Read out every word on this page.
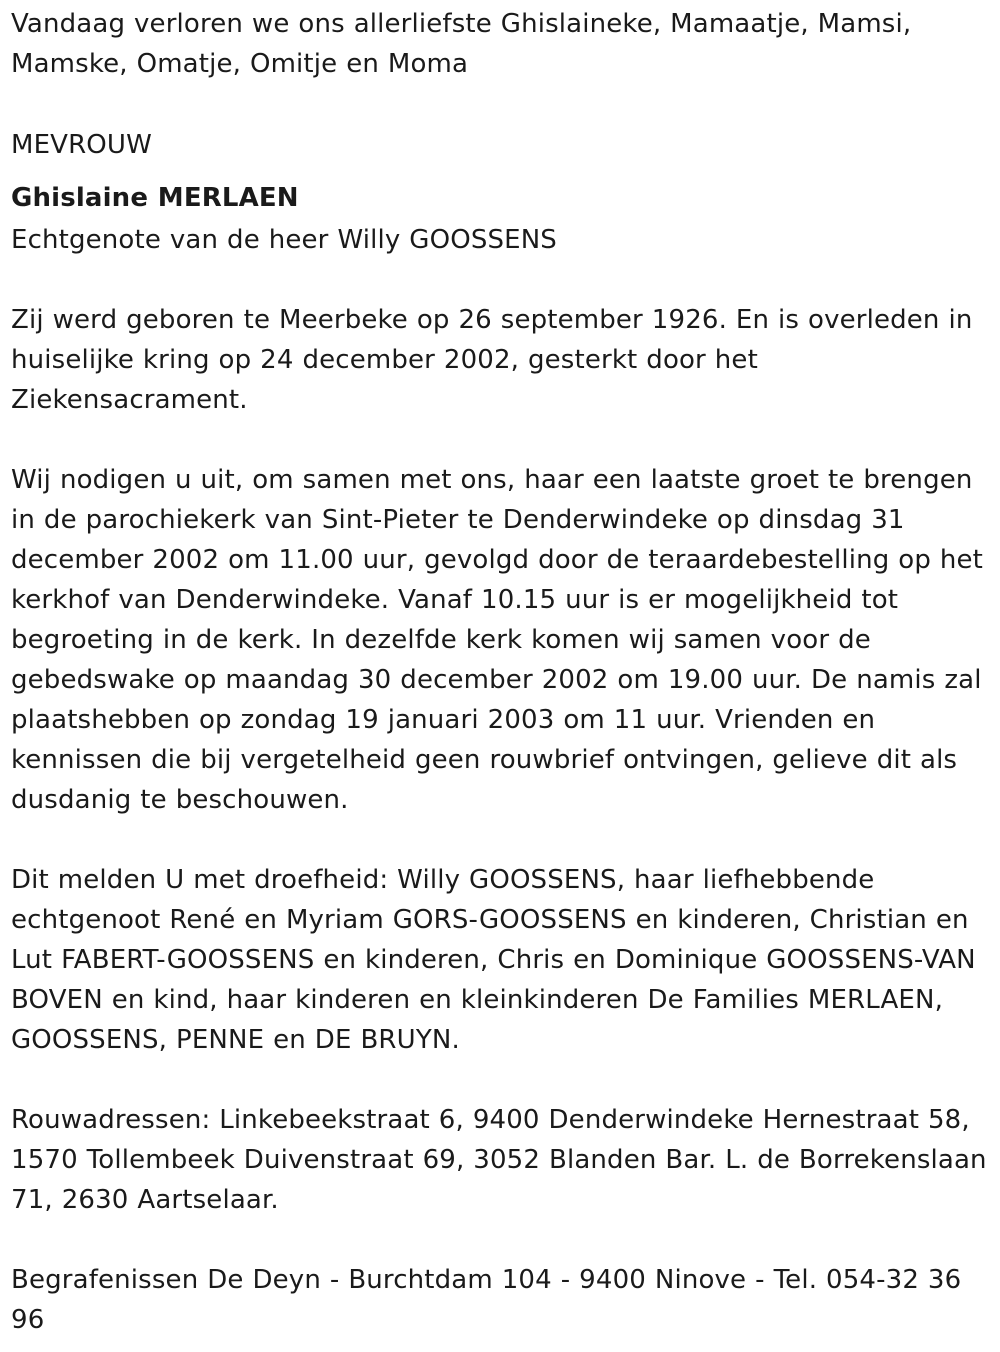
Vandaag verloren we ons allerliefste Ghislaineke, Mamaatje, Mamsi, Mamske, Omatje, Omitje en Moma

MEVROUW

Ghislaine MERLAEN

Echtgenote van de heer Willy GOOSSENS

Zij werd geboren te Meerbeke op 26 september 1926. En is overleden in huiselijke kring op 24 december 2002, gesterkt door het Ziekensacrament.

Wij nodigen u uit, om samen met ons, haar een laatste groet te brengen in de parochiekerk van Sint-Pieter te Denderwindeke op dinsdag 31 december 2002 om 11.00 uur, gevolgd door de teraardebestelling op het kerkhof van Denderwindeke. Vanaf 10.15 uur is er mogelijkheid tot begroeting in de kerk. In dezelfde kerk komen wij samen voor de gebedswake op maandag 30 december 2002 om 19.00 uur. De namis zal plaatshebben op zondag 19 januari 2003 om 11 uur. Vrienden en kennissen die bij vergetelheid geen rouwbrief ontvingen, gelieve dit als dusdanig te beschouwen.

Dit melden U met droefheid: Willy GOOSSENS, haar liefhebbende echtgenoot René en Myriam GORS-GOOSSENS en kinderen, Christian en Lut FABERT-GOOSSENS en kinderen, Chris en Dominique GOOSSENS-VAN BOVEN en kind, haar kinderen en kleinkinderen De Families MERLAEN, GOOSSENS, PENNE en DE BRUYN.

Rouwadressen: Linkebeekstraat 6, 9400 Denderwindeke Hernestraat 58, 1570 Tollembeek Duivenstraat 69, 3052 Blanden Bar. L. de Borrekenslaan 71, 2630 Aartselaar.

Begrafenissen De Deyn - Burchtdam 104 - 9400 Ninove - Tel. 054-32 36 96
